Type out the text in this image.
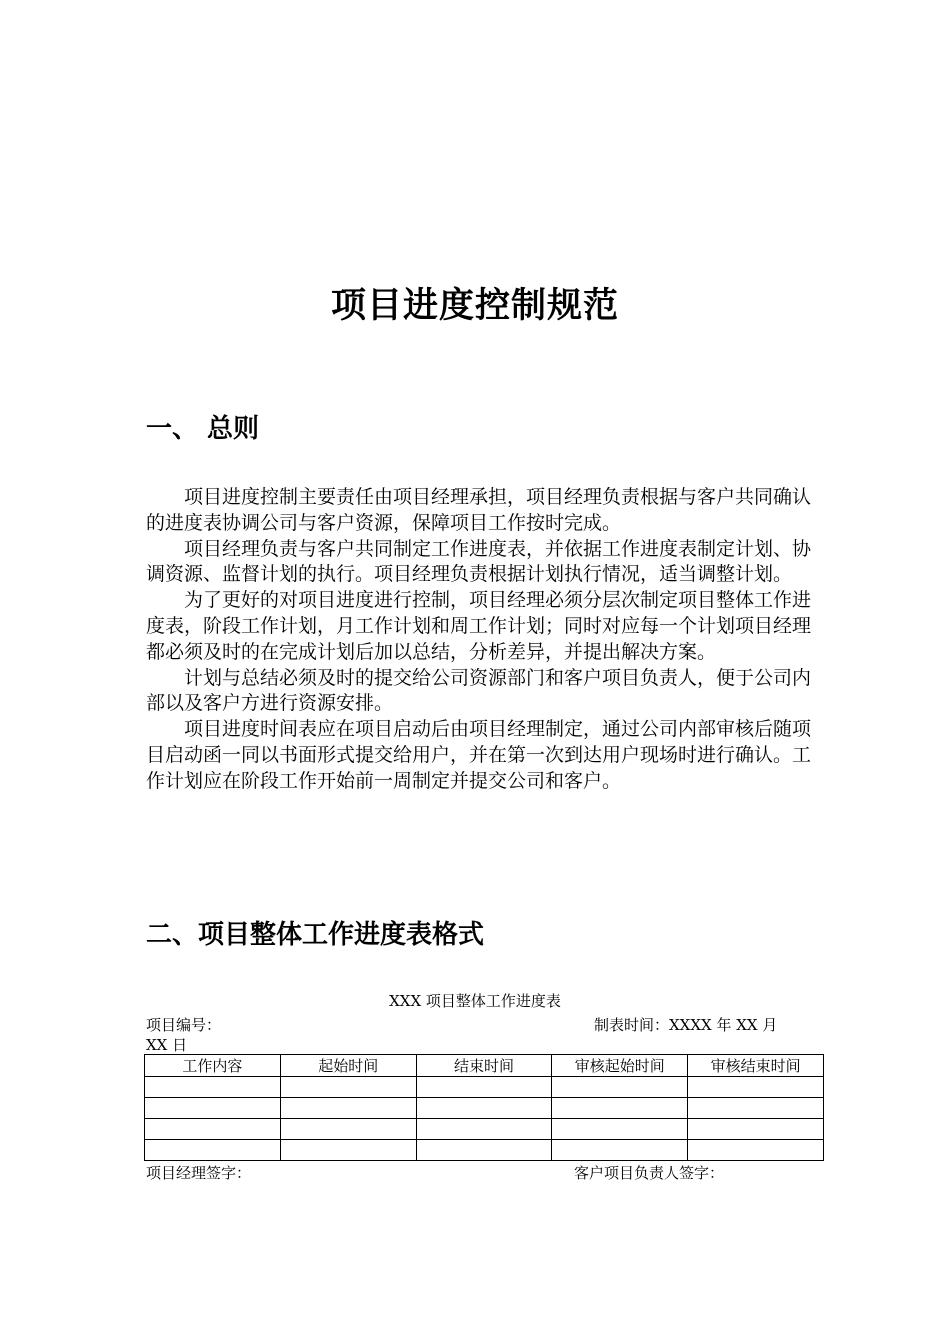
项目进度控制规范
一、 总则

项目进度控制主要责任由项目经理承担，项目经理负责根据与客户共同确认的进度表协调公司与客户资源，保障项目工作按时完成。

项目经理负责与客户共同制定工作进度表，并依据工作进度表制定计划、协调资源、监督计划的执行。项目经理负责根据计划执行情况，适当调整计划。

为了更好的对项目进度进行控制，项目经理必须分层次制定项目整体工作进度表，阶段工作计划，月工作计划和周工作计划；同时对应每一个计划项目经理都必须及时的在完成计划后加以总结，分析差异，并提出解决方案。

计划与总结必须及时的提交给公司资源部门和客户项目负责人，便于公司内部以及客户方进行资源安排。

项目进度时间表应在项目启动后由项目经理制定，通过公司内部审核后随项目启动函一同以书面形式提交给用户，并在第一次到达用户现场时进行确认。工作计划应在阶段工作开始前一周制定并提交公司和客户。

二、项目整体工作进度表格式
XXX 项目整体工作进度表
项目编号：	制表时间：XXXX 年 XX 月
XX 日
工作内容	起始时间	结束时间	审核起始时间	审核结束时间

项目经理签字：	客户项目负责人签字：
